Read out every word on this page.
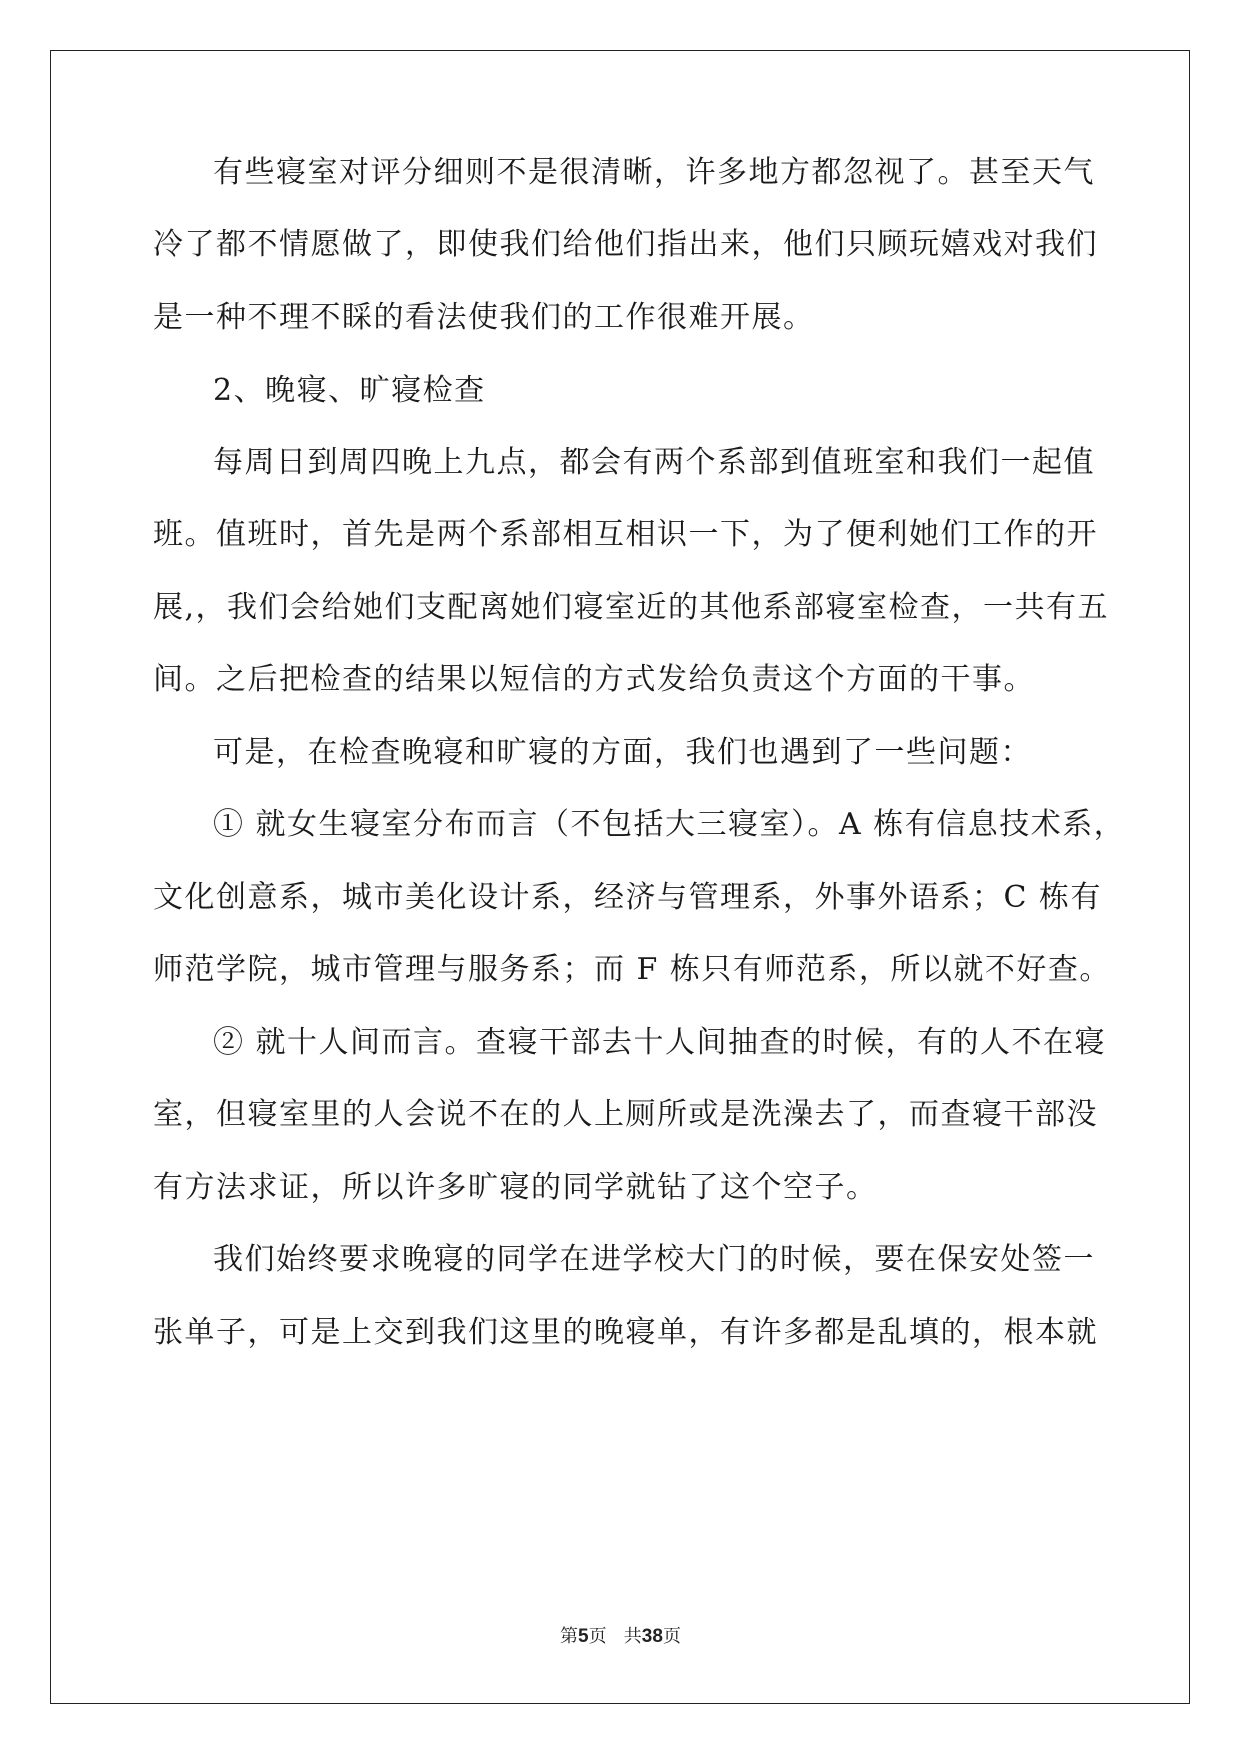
有些寝室对评分细则不是很清晰，许多地方都忽视了。甚至天气
冷了都不情愿做了，即使我们给他们指出来，他们只顾玩嬉戏对我们
是一种不理不睬的看法使我们的工作很难开展。
2、晚寝、旷寝检查
每周日到周四晚上九点，都会有两个系部到值班室和我们一起值
班。值班时，首先是两个系部相互相识一下，为了便利她们工作的开
展,，我们会给她们支配离她们寝室近的其他系部寝室检查，一共有五
间。之后把检查的结果以短信的方式发给负责这个方面的干事。
可是，在检查晚寝和旷寝的方面，我们也遇到了一些问题：
① 就女生寝室分布而言（不包括大三寝室）。A 栋有信息技术系，
文化创意系，城市美化设计系，经济与管理系，外事外语系；C 栋有
师范学院，城市管理与服务系；而 F 栋只有师范系，所以就不好查。
② 就十人间而言。查寝干部去十人间抽查的时候，有的人不在寝
室，但寝室里的人会说不在的人上厕所或是洗澡去了，而查寝干部没
有方法求证，所以许多旷寝的同学就钻了这个空子。
我们始终要求晚寝的同学在进学校大门的时候，要在保安处签一
张单子，可是上交到我们这里的晚寝单，有许多都是乱填的，根本就
第5页 共38页
